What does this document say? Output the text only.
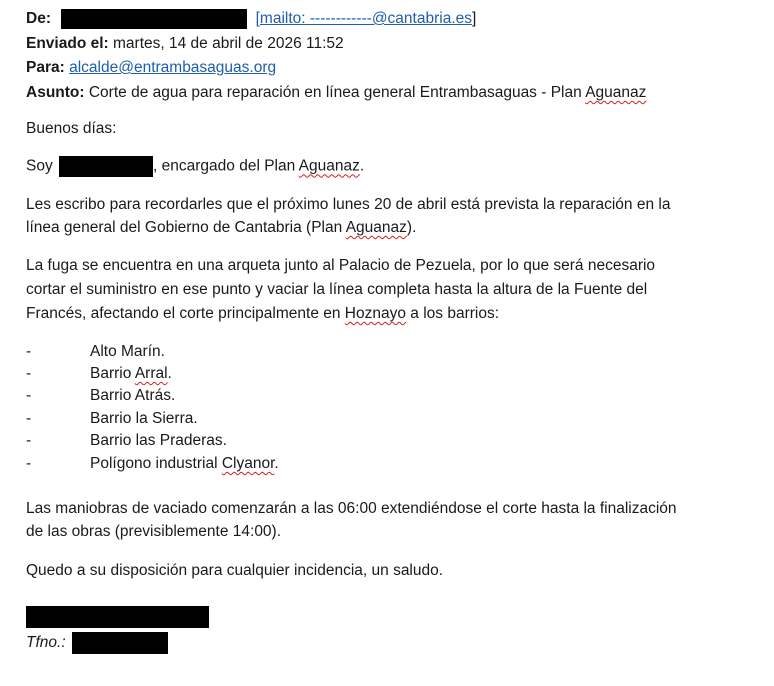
De:	[mailto: ------------@cantabria.es]
Enviado el: martes, 14 de abril de 2026 11:52
Para: alcalde@entrambasaguas.org
Asunto: Corte de agua para reparación en línea general Entrambasaguas - Plan Aguanaz
Buenos días:
Soy	, encargado del Plan Aguanaz.
Les escribo para recordarles que el próximo lunes 20 de abril está prevista la reparación en la
línea general del Gobierno de Cantabria (Plan Aguanaz).
La fuga se encuentra en una arqueta junto al Palacio de Pezuela, por lo que será necesario
cortar el suministro en ese punto y vaciar la línea completa hasta la altura de la Fuente del
Francés, afectando el corte principalmente en Hoznayo a los barrios:
-	Alto Marín.
-	Barrio Arral.
-	Barrio Atrás.
-	Barrio la Sierra.
-	Barrio las Praderas.
-	Polígono industrial Clyanor.
Las maniobras de vaciado comenzarán a las 06:00 extendiéndose el corte hasta la finalización
de las obras (previsiblemente 14:00).
Quedo a su disposición para cualquier incidencia, un saludo.
Tfno.:
